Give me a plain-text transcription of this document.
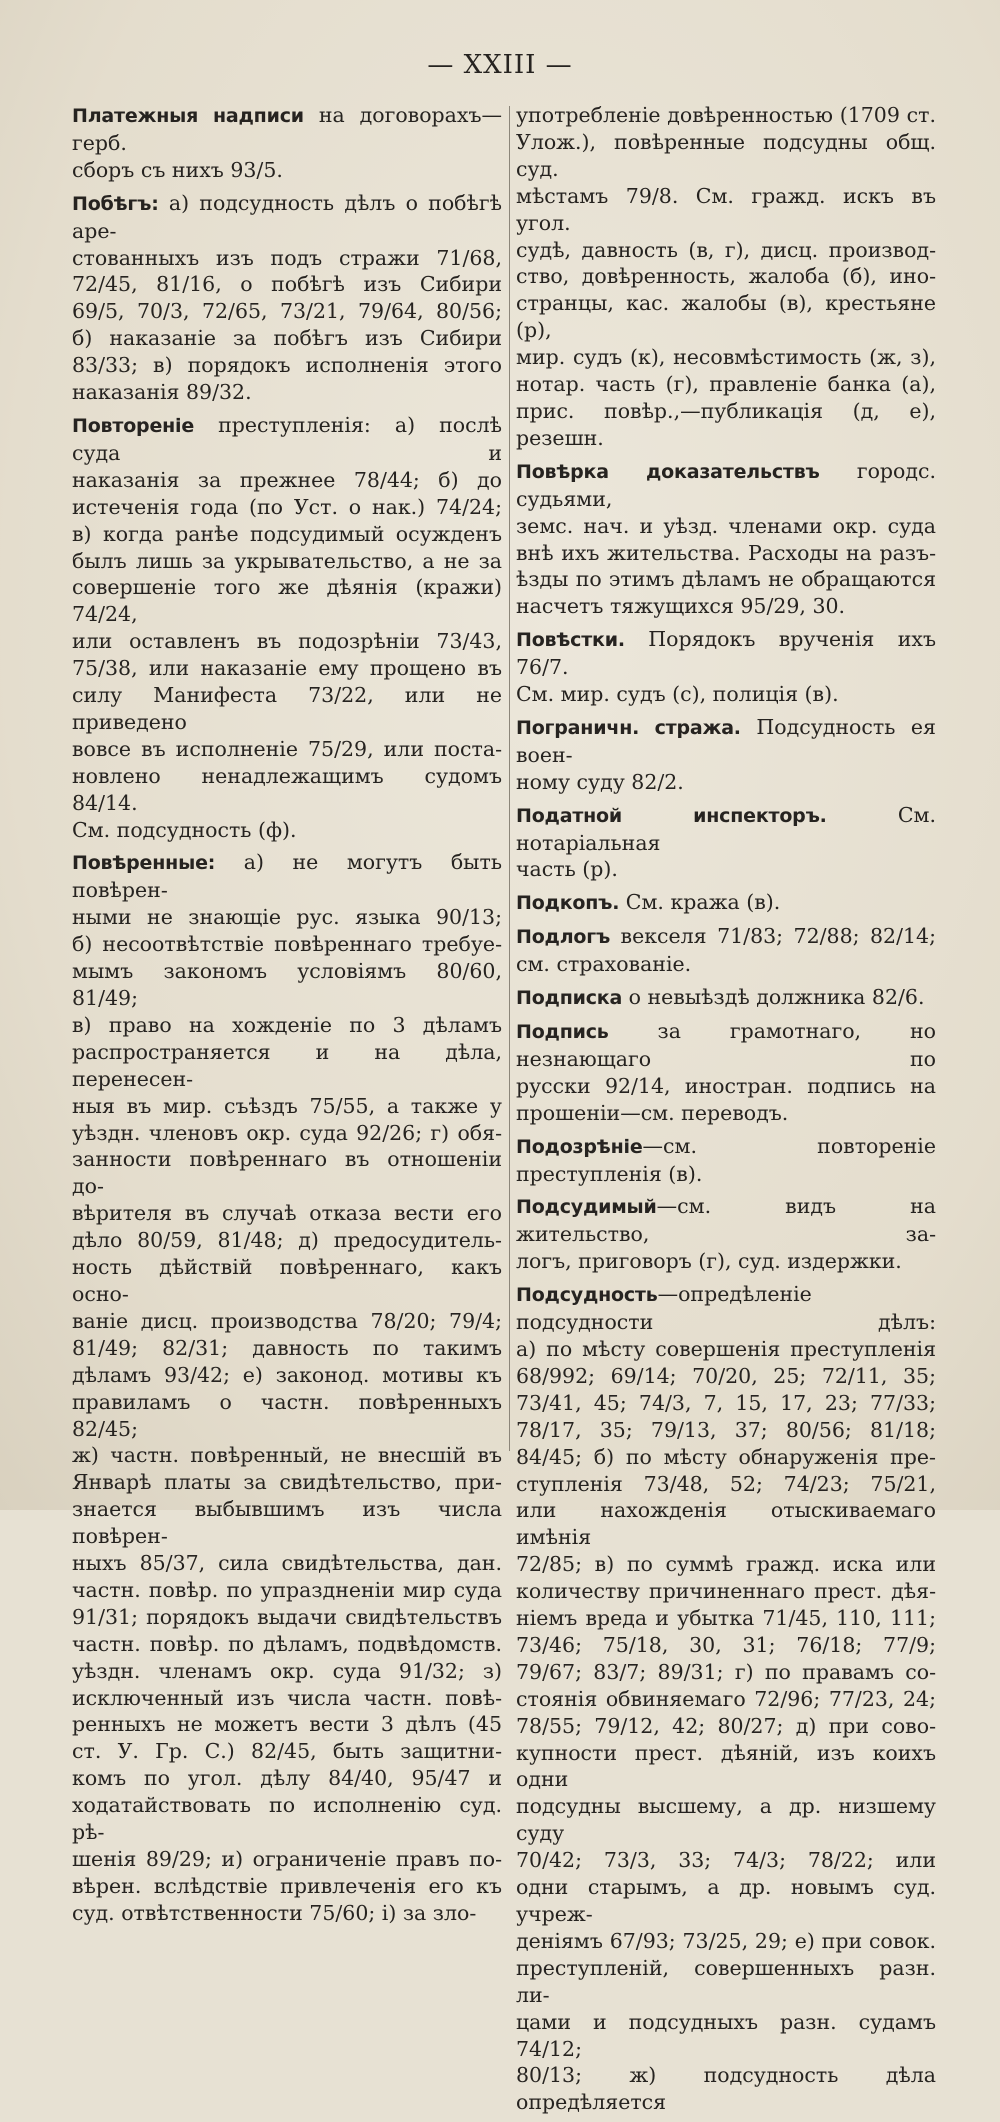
— XXIII —
Платежныя надписи на договорахъ—герб.
сборъ съ нихъ 93/5.
Побѣгъ: а) подсудность дѣлъ о побѣгѣ аре-
стованныхъ изъ подъ стражи 71/68,
72/45, 81/16, о побѣгѣ изъ Сибири
69/5, 70/3, 72/65, 73/21, 79/64, 80/56;
б) наказаніе за побѣгъ изъ Сибири
83/33; в) порядокъ исполненія этого
наказанія 89/32.
Повтореніе преступленія: а) послѣ суда и
наказанія за прежнее 78/44; б) до
истеченія года (по Уст. о нак.) 74/24;
в) когда ранѣе подсудимый осужденъ
былъ лишь за укрывательство, а не за
совершеніе того же дѣянія (кражи) 74/24,
или оставленъ въ подозрѣніи 73/43,
75/38, или наказаніе ему прощено въ
силу Манифеста 73/22, или не приведено
вовсе въ исполненіе 75/29, или поста-
новлено ненадлежащимъ судомъ 84/14.
См. подсудность (ф).
Повѣренные: а) не могутъ быть повѣрен-
ными не знающіе рус. языка 90/13;
б) несоотвѣтствіе повѣреннаго требуе-
мымъ закономъ условіямъ 80/60, 81/49;
в) право на хожденіе по 3 дѣламъ
распространяется и на дѣла, перенесен-
ныя въ мир. съѣздъ 75/55, а также у
уѣздн. членовъ окр. суда 92/26; г) обя-
занности повѣреннаго въ отношеніи до-
вѣрителя въ случаѣ отказа вести его
дѣло 80/59, 81/48; д) предосудитель-
ность дѣйствій повѣреннаго, какъ осно-
ваніе дисц. производства 78/20; 79/4;
81/49; 82/31; давность по такимъ
дѣламъ 93/42; е) законод. мотивы къ
правиламъ о частн. повѣренныхъ 82/45;
ж) частн. повѣренный, не внесшій въ
Январѣ платы за свидѣтельство, при-
знается выбывшимъ изъ числа повѣрен-
ныхъ 85/37, сила свидѣтельства, дан.
частн. повѣр. по упраздненіи мир суда
91/31; порядокъ выдачи свидѣтельствъ
частн. повѣр. по дѣламъ, подвѣдомств.
уѣздн. членамъ окр. суда 91/32; з)
исключенный изъ числа частн. повѣ-
ренныхъ не можетъ вести 3 дѣлъ (45
ст. У. Гр. С.) 82/45, быть защитни-
комъ по угол. дѣлу 84/40, 95/47 и
ходатайствовать по исполненію суд. рѣ-
шенія 89/29; и) ограниченіе правъ по-
вѣрен. вслѣдствіе привлеченія его къ
суд. отвѣтственности 75/60; і) за зло-
употребленіе довѣренностью (1709 ст.
Улож.), повѣренные подсудны общ. суд.
мѣстамъ 79/8. См. гражд. искъ въ угол.
судѣ, давность (в, г), дисц. производ-
ство, довѣренность, жалоба (б), ино-
странцы, кас. жалобы (в), крестьяне (р),
мир. судъ (к), несовмѣстимость (ж, з),
нотар. часть (г), правленіе банка (а),
прис. повѣр.,—публикація (д, е), резешн.
Повѣрка доказательствъ городс. судьями,
земс. нач. и уѣзд. членами окр. суда
внѣ ихъ жительства. Расходы на разъ-
ѣзды по этимъ дѣламъ не обращаются
насчетъ тяжущихся 95/29, 30.
Повѣстки. Порядокъ врученія ихъ 76/7.
См. мир. судъ (с), полиція (в).
Пограничн. стража. Подсудность ея воен-
ному суду 82/2.
Податной инспекторъ. См. нотаріальная
часть (р).
Подкопъ. См. кража (в).
Подлогъ векселя 71/83; 72/88; 82/14;
см. страхованіе.
Подписка о невыѣздѣ должника 82/6.
Подпись за грамотнаго, но незнающаго по
русски 92/14, иностран. подпись на
прошеніи—см. переводъ.
Подозрѣніе—см. повтореніе преступленія (в).
Подсудимый—см. видъ на жительство, за-
логъ, приговоръ (г), суд. издержки.
Подсудность—опредѣленіе подсудности дѣлъ:
а) по мѣсту совершенія преступленія
68/992; 69/14; 70/20, 25; 72/11, 35;
73/41, 45; 74/3, 7, 15, 17, 23; 77/33;
78/17, 35; 79/13, 37; 80/56; 81/18;
84/45; б) по мѣсту обнаруженія пре-
ступленія 73/48, 52; 74/23; 75/21,
или нахожденія отыскиваемаго имѣнія
72/85; в) по суммѣ гражд. иска или
количеству причиненнаго прест. дѣя-
ніемъ вреда и убытка 71/45, 110, 111;
73/46; 75/18, 30, 31; 76/18; 77/9;
79/67; 83/7; 89/31; г) по правамъ со-
стоянія обвиняемаго 72/96; 77/23, 24;
78/55; 79/12, 42; 80/27; д) при сово-
купности прест. дѣяній, изъ коихъ одни
подсудны высшему, а др. низшему суду
70/42; 73/3, 33; 74/3; 78/22; или
одни старымъ, а др. новымъ суд. учреж-
деніямъ 67/93; 73/25, 29; е) при совок.
преступленій, совершенныхъ разн. ли-
цами и подсудныхъ разн. судамъ 74/12;
80/13; ж) подсудность дѣла опредѣляется
